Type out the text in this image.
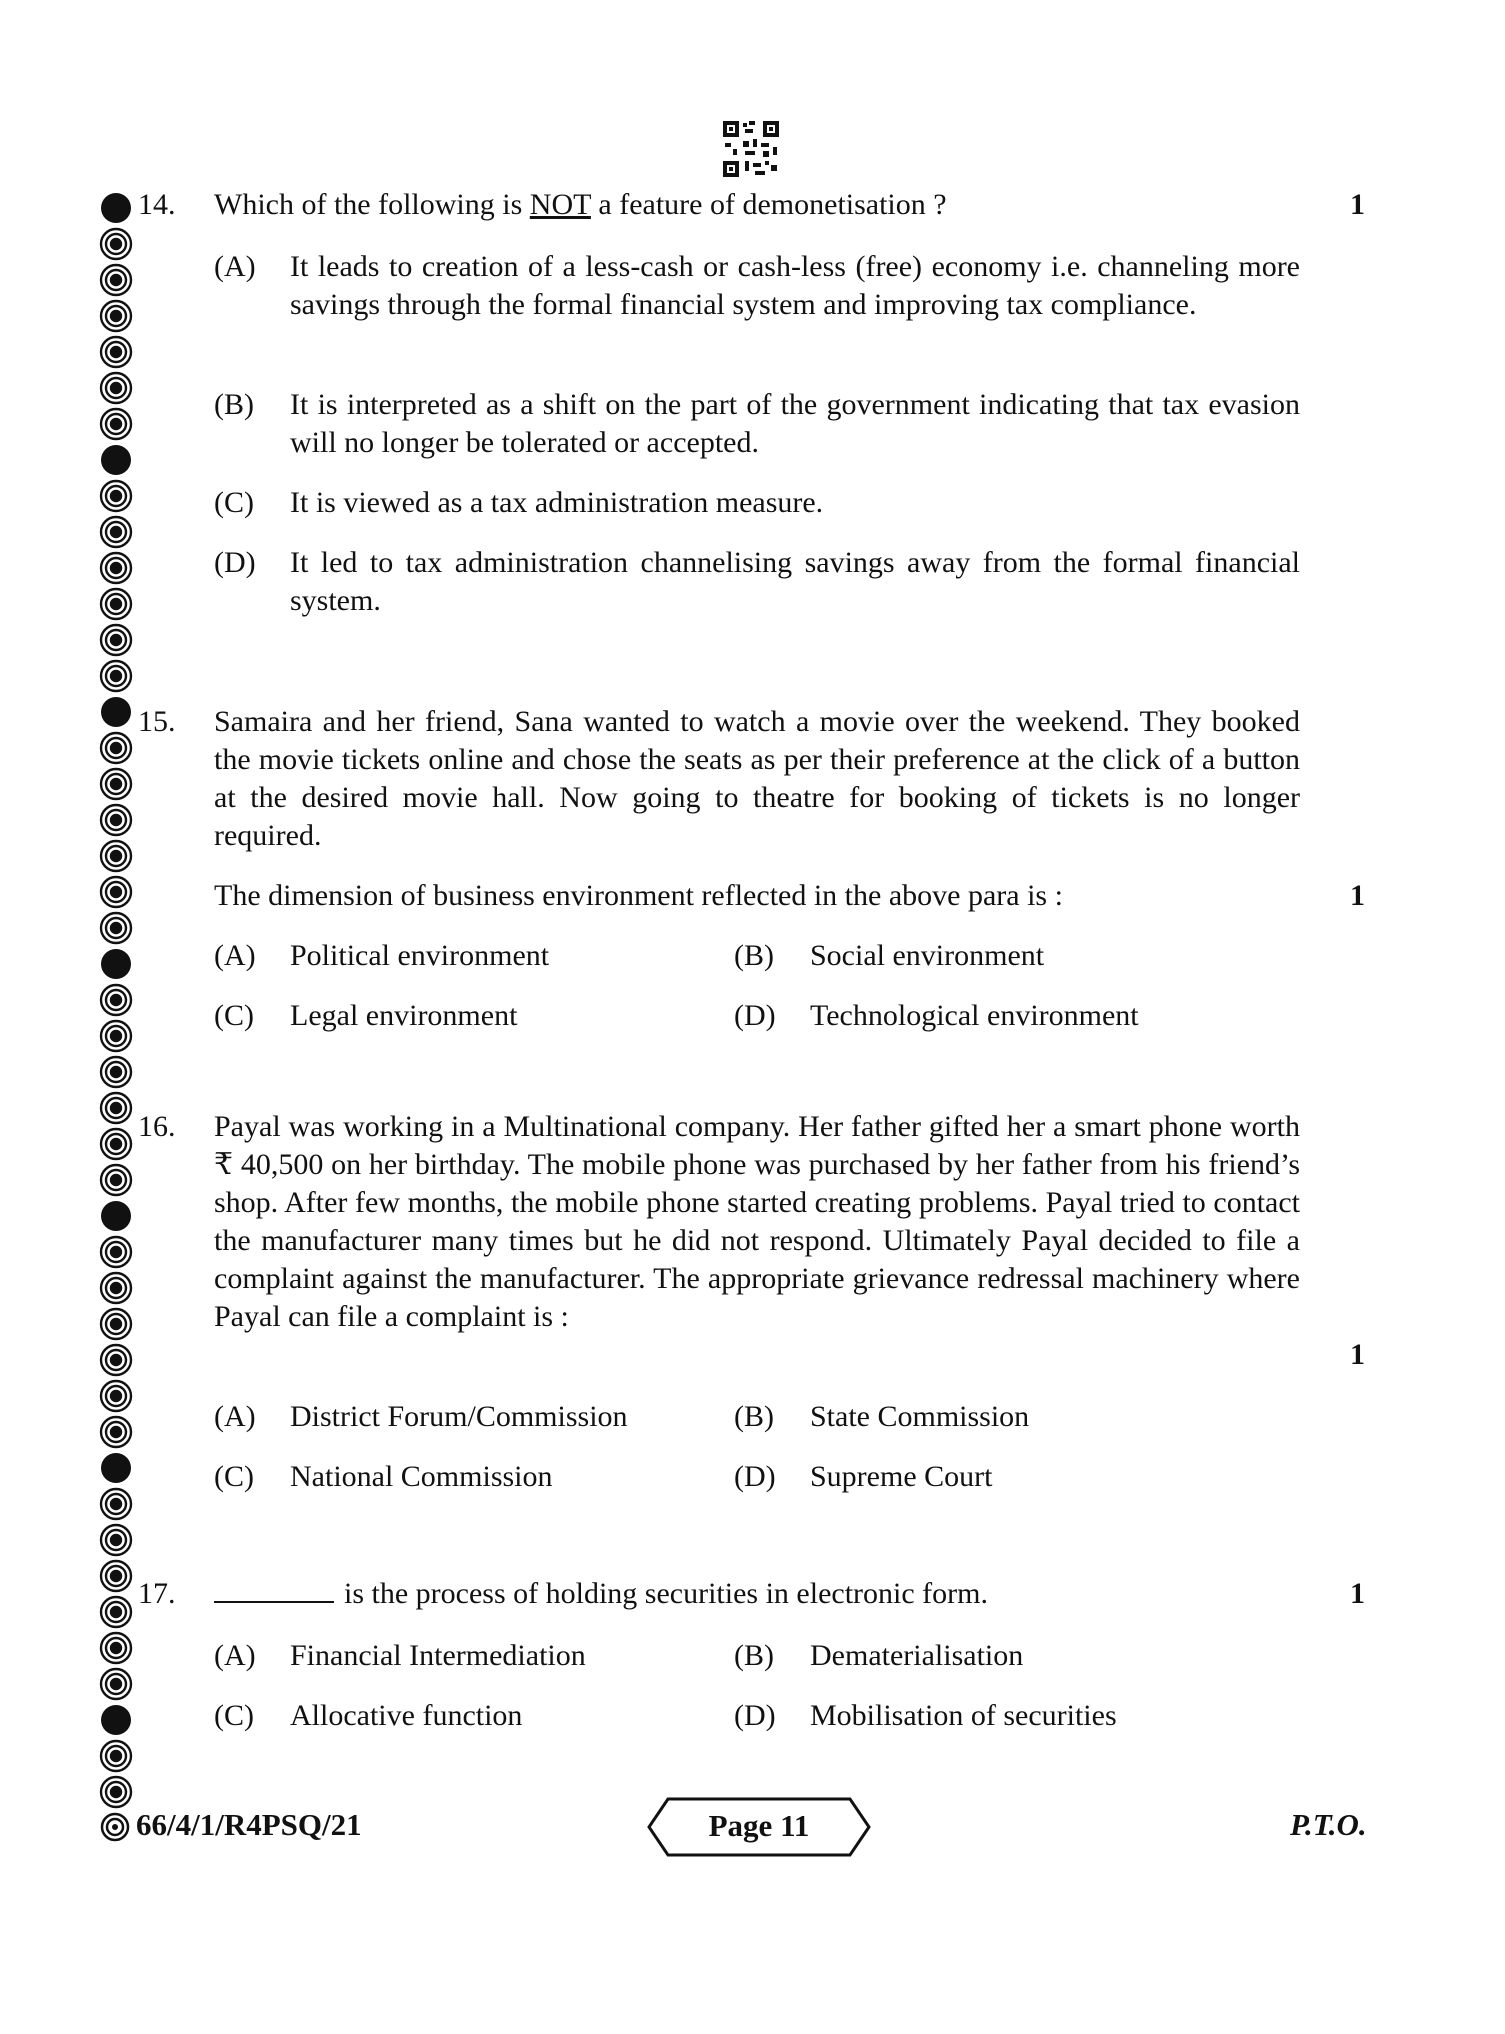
14. Which of the following is NOT a feature of demonetisation ?	1
(A) It leads to creation of a less-cash or cash-less (free) economy i.e. channeling more savings through the formal financial system and improving tax compliance.
(B) It is interpreted as a shift on the part of the government indicating that tax evasion will no longer be tolerated or accepted.
(C) It is viewed as a tax administration measure.
(D) It led to tax administration channelising savings away from the formal financial system.
15. Samaira and her friend, Sana wanted to watch a movie over the weekend. They booked the movie tickets online and chose the seats as per their preference at the click of a button at the desired movie hall. Now going to theatre for booking of tickets is no longer required.
The dimension of business environment reflected in the above para is :	1
(A) Political environment	(B) Social environment
(C) Legal environment	(D) Technological environment
16. Payal was working in a Multinational company. Her father gifted her a smart phone worth ₹ 40,500 on her birthday. The mobile phone was purchased by her father from his friend’s shop. After few months, the mobile phone started creating problems. Payal tried to contact the manufacturer many times but he did not respond. Ultimately Payal decided to file a complaint against the manufacturer. The appropriate grievance redressal machinery where Payal can file a complaint is :
1
(A) District Forum/Commission	(B) State Commission
(C) National Commission	(D) Supreme Court
17.	is the process of holding securities in electronic form.	1
(A) Financial Intermediation	(B) Dematerialisation
(C) Allocative function	(D) Mobilisation of securities
66/4/1/R4PSQ/21	Page 11	P.T.O.
